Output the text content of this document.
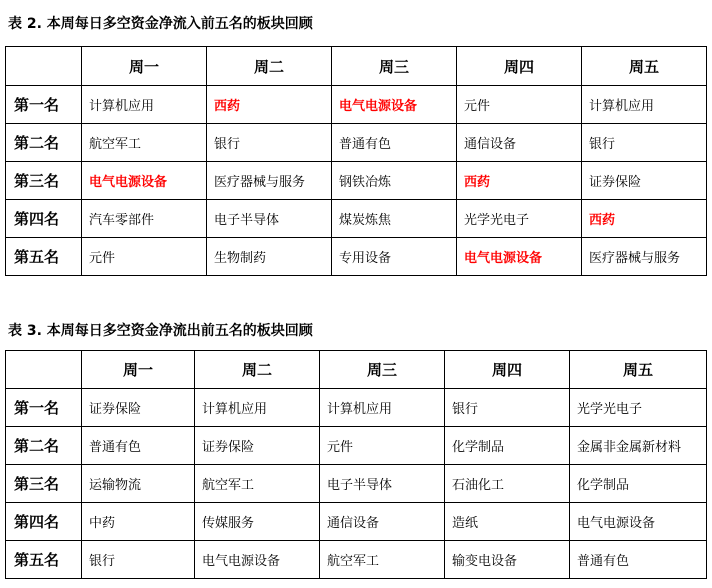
表 2. 本周每日多空资金净流入前五名的板块回顾
	周一	周二	周三	周四	周五
第一名	计算机应用	西药	电气电源设备	元件	计算机应用
第二名	航空军工	银行	普通有色	通信设备	银行
第三名	电气电源设备	医疗器械与服务	钢铁冶炼	西药	证券保险
第四名	汽车零部件	电子半导体	煤炭炼焦	光学光电子	西药
第五名	元件	生物制药	专用设备	电气电源设备	医疗器械与服务
表 3. 本周每日多空资金净流出前五名的板块回顾
	周一	周二	周三	周四	周五
第一名	证券保险	计算机应用	计算机应用	银行	光学光电子
第二名	普通有色	证券保险	元件	化学制品	金属非金属新材料
第三名	运输物流	航空军工	电子半导体	石油化工	化学制品
第四名	中药	传媒服务	通信设备	造纸	电气电源设备
第五名	银行	电气电源设备	航空军工	输变电设备	普通有色
